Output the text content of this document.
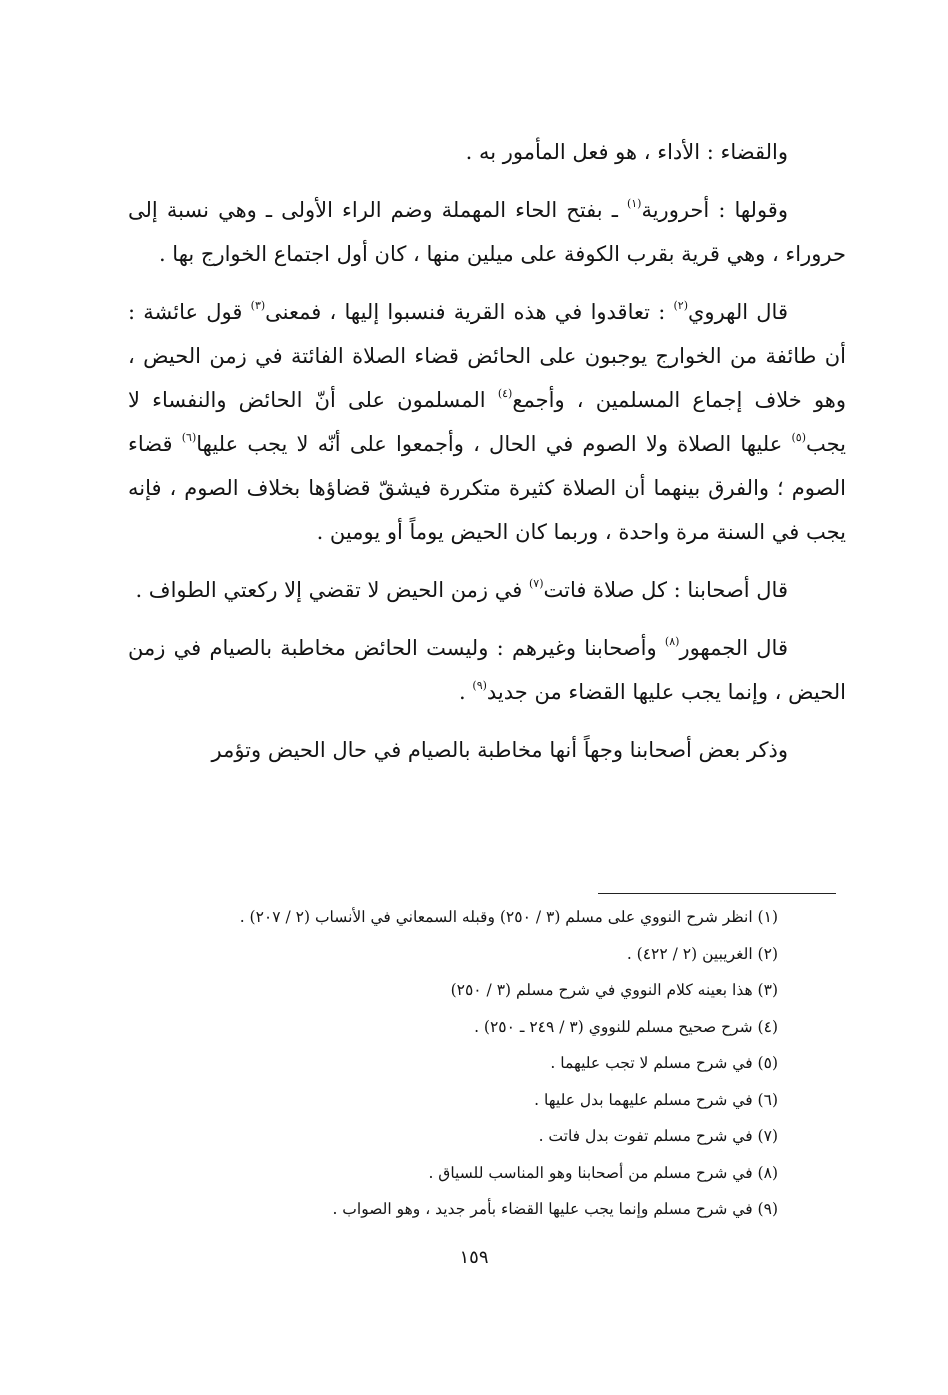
والقضاء : الأداء ، هو فعل المأمور به .

وقولها : أحرورية$^{(١)}$ ـ بفتح الحاء المهملة وضم الراء الأولى ـ وهي نسبة إلى حروراء ، وهي قرية بقرب الكوفة على ميلين منها ، كان أول اجتماع الخوارج بها .

قال الهروي$^{(٢)}$ : تعاقدوا في هذه القرية فنسبوا إليها ، فمعنى$^{(٣)}$ قول عائشة : أن طائفة من الخوارج يوجبون على الحائض قضاء الصلاة الفائتة في زمن الحيض ، وهو خلاف إجماع المسلمين ، وأجمع$^{(٤)}$ المسلمون على أنّ الحائض والنفساء لا يجب$^{(٥)}$ عليها الصلاة ولا الصوم في الحال ، وأجمعوا على أنّه لا يجب عليها$^{(٦)}$ قضاء الصوم ؛ والفرق بينهما أن الصلاة كثيرة متكررة فيشقّ قضاؤها بخلاف الصوم ، فإنه يجب في السنة مرة واحدة ، وربما كان الحيض يوماً أو يومين .

قال أصحابنا : كل صلاة فاتت$^{(٧)}$ في زمن الحيض لا تقضي إلا ركعتي الطواف .

قال الجمهور$^{(٨)}$ وأصحابنا وغيرهم : وليست الحائض مخاطبة بالصيام في زمن الحيض ، وإنما يجب عليها القضاء من جديد$^{(٩)}$ .

وذكر بعض أصحابنا وجهاً أنها مخاطبة بالصيام في حال الحيض وتؤمر

(١) انظر شرح النووي على مسلم (٣ / ٢٥٠) وقبله السمعاني في الأنساب (٢ / ٢٠٧) .
(٢) الغريبين (٢ / ٤٢٢) .
(٣) هذا بعينه كلام النووي في شرح مسلم (٣ / ٢٥٠)
(٤) شرح صحيح مسلم للنووي (٣ / ٢٤٩ ـ ٢٥٠) .
(٥) في شرح مسلم لا تجب عليهما .
(٦) في شرح مسلم عليهما بدل عليها .
(٧) في شرح مسلم تفوت بدل فاتت .
(٨) في شرح مسلم من أصحابنا وهو المناسب للسياق .
(٩) في شرح مسلم وإنما يجب عليها القضاء بأمر جديد ، وهو الصواب .
١٥٩
